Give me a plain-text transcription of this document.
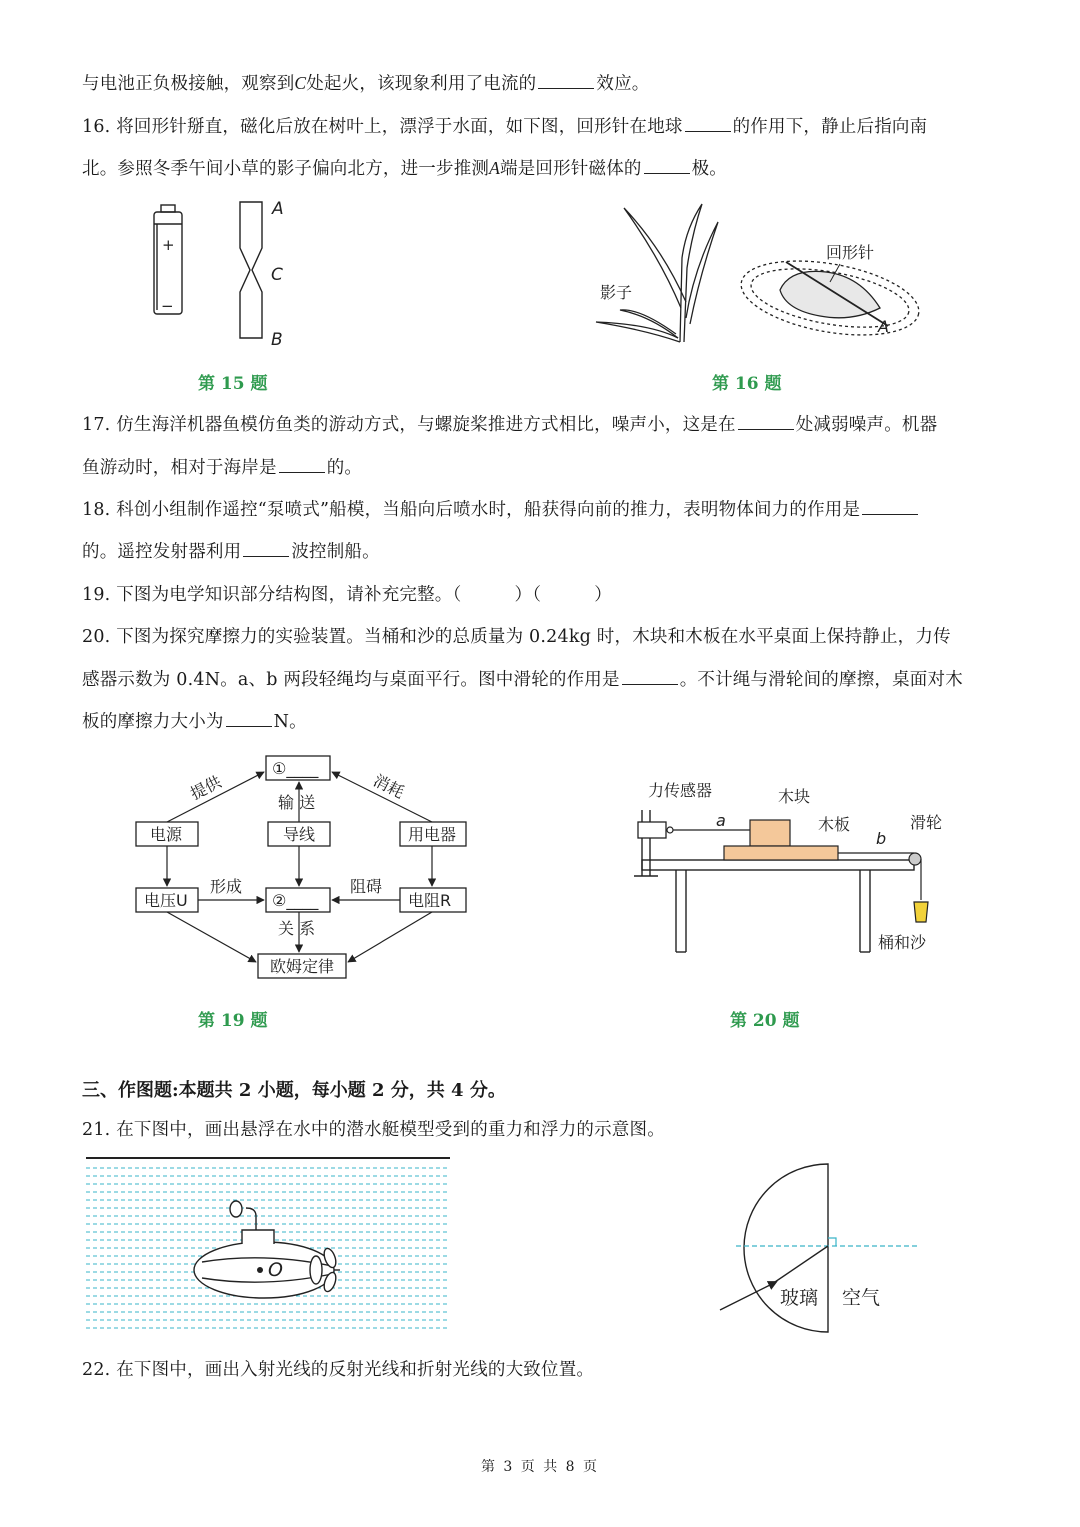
与电池正负极接触，观察到C处起火，该现象利用了电流的	效应。
16. 将回形针掰直，磁化后放在树叶上，漂浮于水面，如下图，回形针在地球	的作用下，静止后指向南
北。参照冬季午间小草的影子偏向北方，进一步推测A端是回形针磁体的	极。
+
−
A
C
B
影子
回形针
A
第 15 题	第 16 题
17. 仿生海洋机器鱼模仿鱼类的游动方式，与螺旋桨推进方式相比，噪声小，这是在	处减弱噪声。机器
鱼游动时，相对于海岸是	的。
18. 科创小组制作遥控“泵喷式”船模，当船向后喷水时，船获得向前的推力，表明物体间力的作用是
的。遥控发射器利用	波控制船。
19. 下图为电学知识部分结构图，请补充完整。（　　　）（　　　）
20. 下图为探究摩擦力的实验装置。当桶和沙的总质量为 0.24kg 时，木块和木板在水平桌面上保持静止，力传
感器示数为 0.4N。a、b 两段轻绳均与桌面平行。图中滑轮的作用是	。不计绳与滑轮间的摩擦，桌面对木
板的摩擦力大小为	N。
①____
电源	导线	用电器
电压U	②____	电阻R
欧姆定律
提供	消耗
输 送
形成	阻碍
关 系
力传感器	木块
木板	滑轮
a
b
桶和沙
第 19 题	第 20 题
三、作图题:本题共 2 小题，每小题 2 分，共 4 分。
21. 在下图中，画出悬浮在水中的潜水艇模型受到的重力和浮力的示意图。
O
玻璃 空气
22. 在下图中，画出入射光线的反射光线和折射光线的大致位置。
第 3 页 共 8 页
